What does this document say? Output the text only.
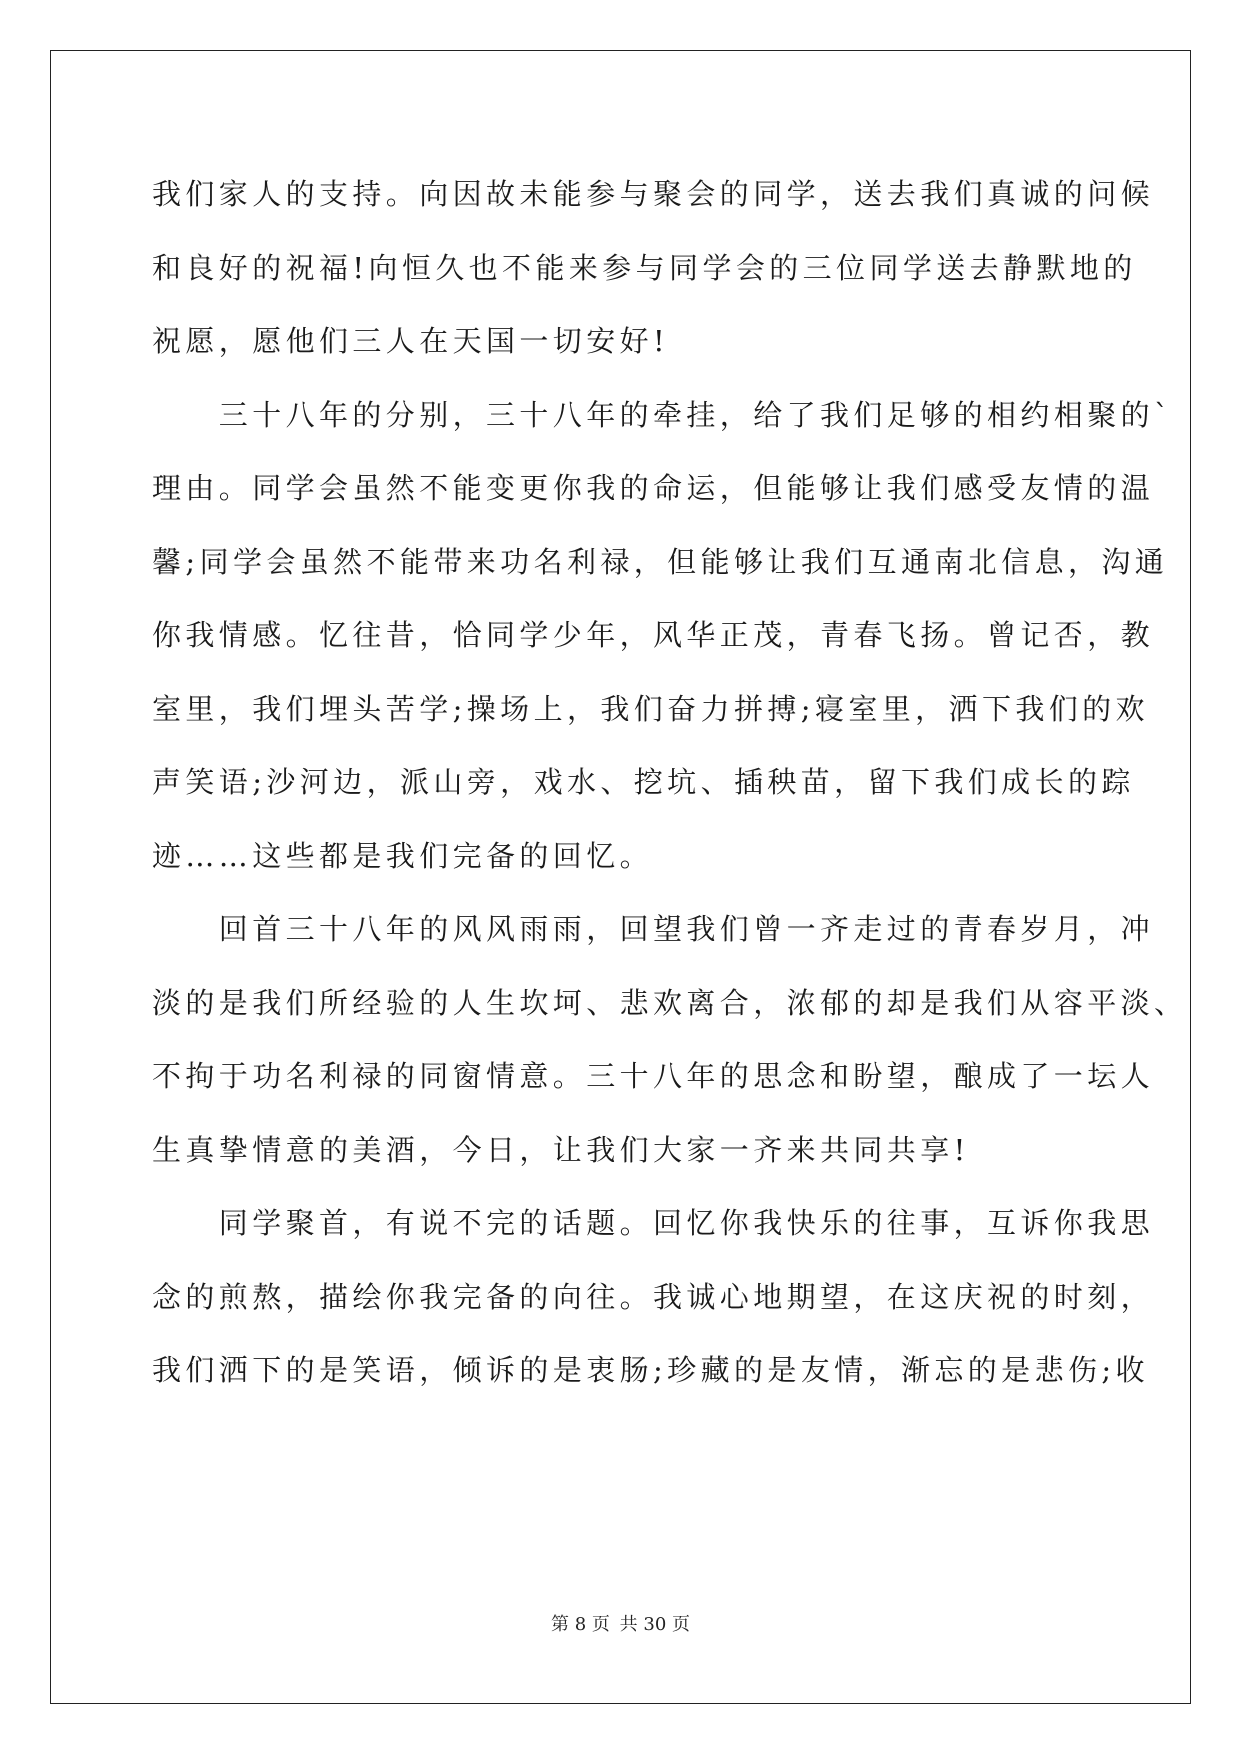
我们家人的支持。向因故未能参与聚会的同学，送去我们真诚的问候
和良好的祝福!向恒久也不能来参与同学会的三位同学送去静默地的
祝愿，愿他们三人在天国一切安好!
　　三十八年的分别，三十八年的牵挂，给了我们足够的相约相聚的`
理由。同学会虽然不能变更你我的命运，但能够让我们感受友情的温
馨;同学会虽然不能带来功名利禄，但能够让我们互通南北信息，沟通
你我情感。忆往昔，恰同学少年，风华正茂，青春飞扬。曾记否，教
室里，我们埋头苦学;操场上，我们奋力拼搏;寝室里，洒下我们的欢
声笑语;沙河边，派山旁，戏水、挖坑、插秧苗，留下我们成长的踪
迹……这些都是我们完备的回忆。
　　回首三十八年的风风雨雨，回望我们曾一齐走过的青春岁月，冲
淡的是我们所经验的人生坎坷、悲欢离合，浓郁的却是我们从容平淡、
不拘于功名利禄的同窗情意。三十八年的思念和盼望，酿成了一坛人
生真挚情意的美酒，今日，让我们大家一齐来共同共享!
　　同学聚首，有说不完的话题。回忆你我快乐的往事，互诉你我思
念的煎熬，描绘你我完备的向往。我诚心地期望，在这庆祝的时刻，
我们洒下的是笑语，倾诉的是衷肠;珍藏的是友情，渐忘的是悲伤;收
第 8 页 共 30 页
